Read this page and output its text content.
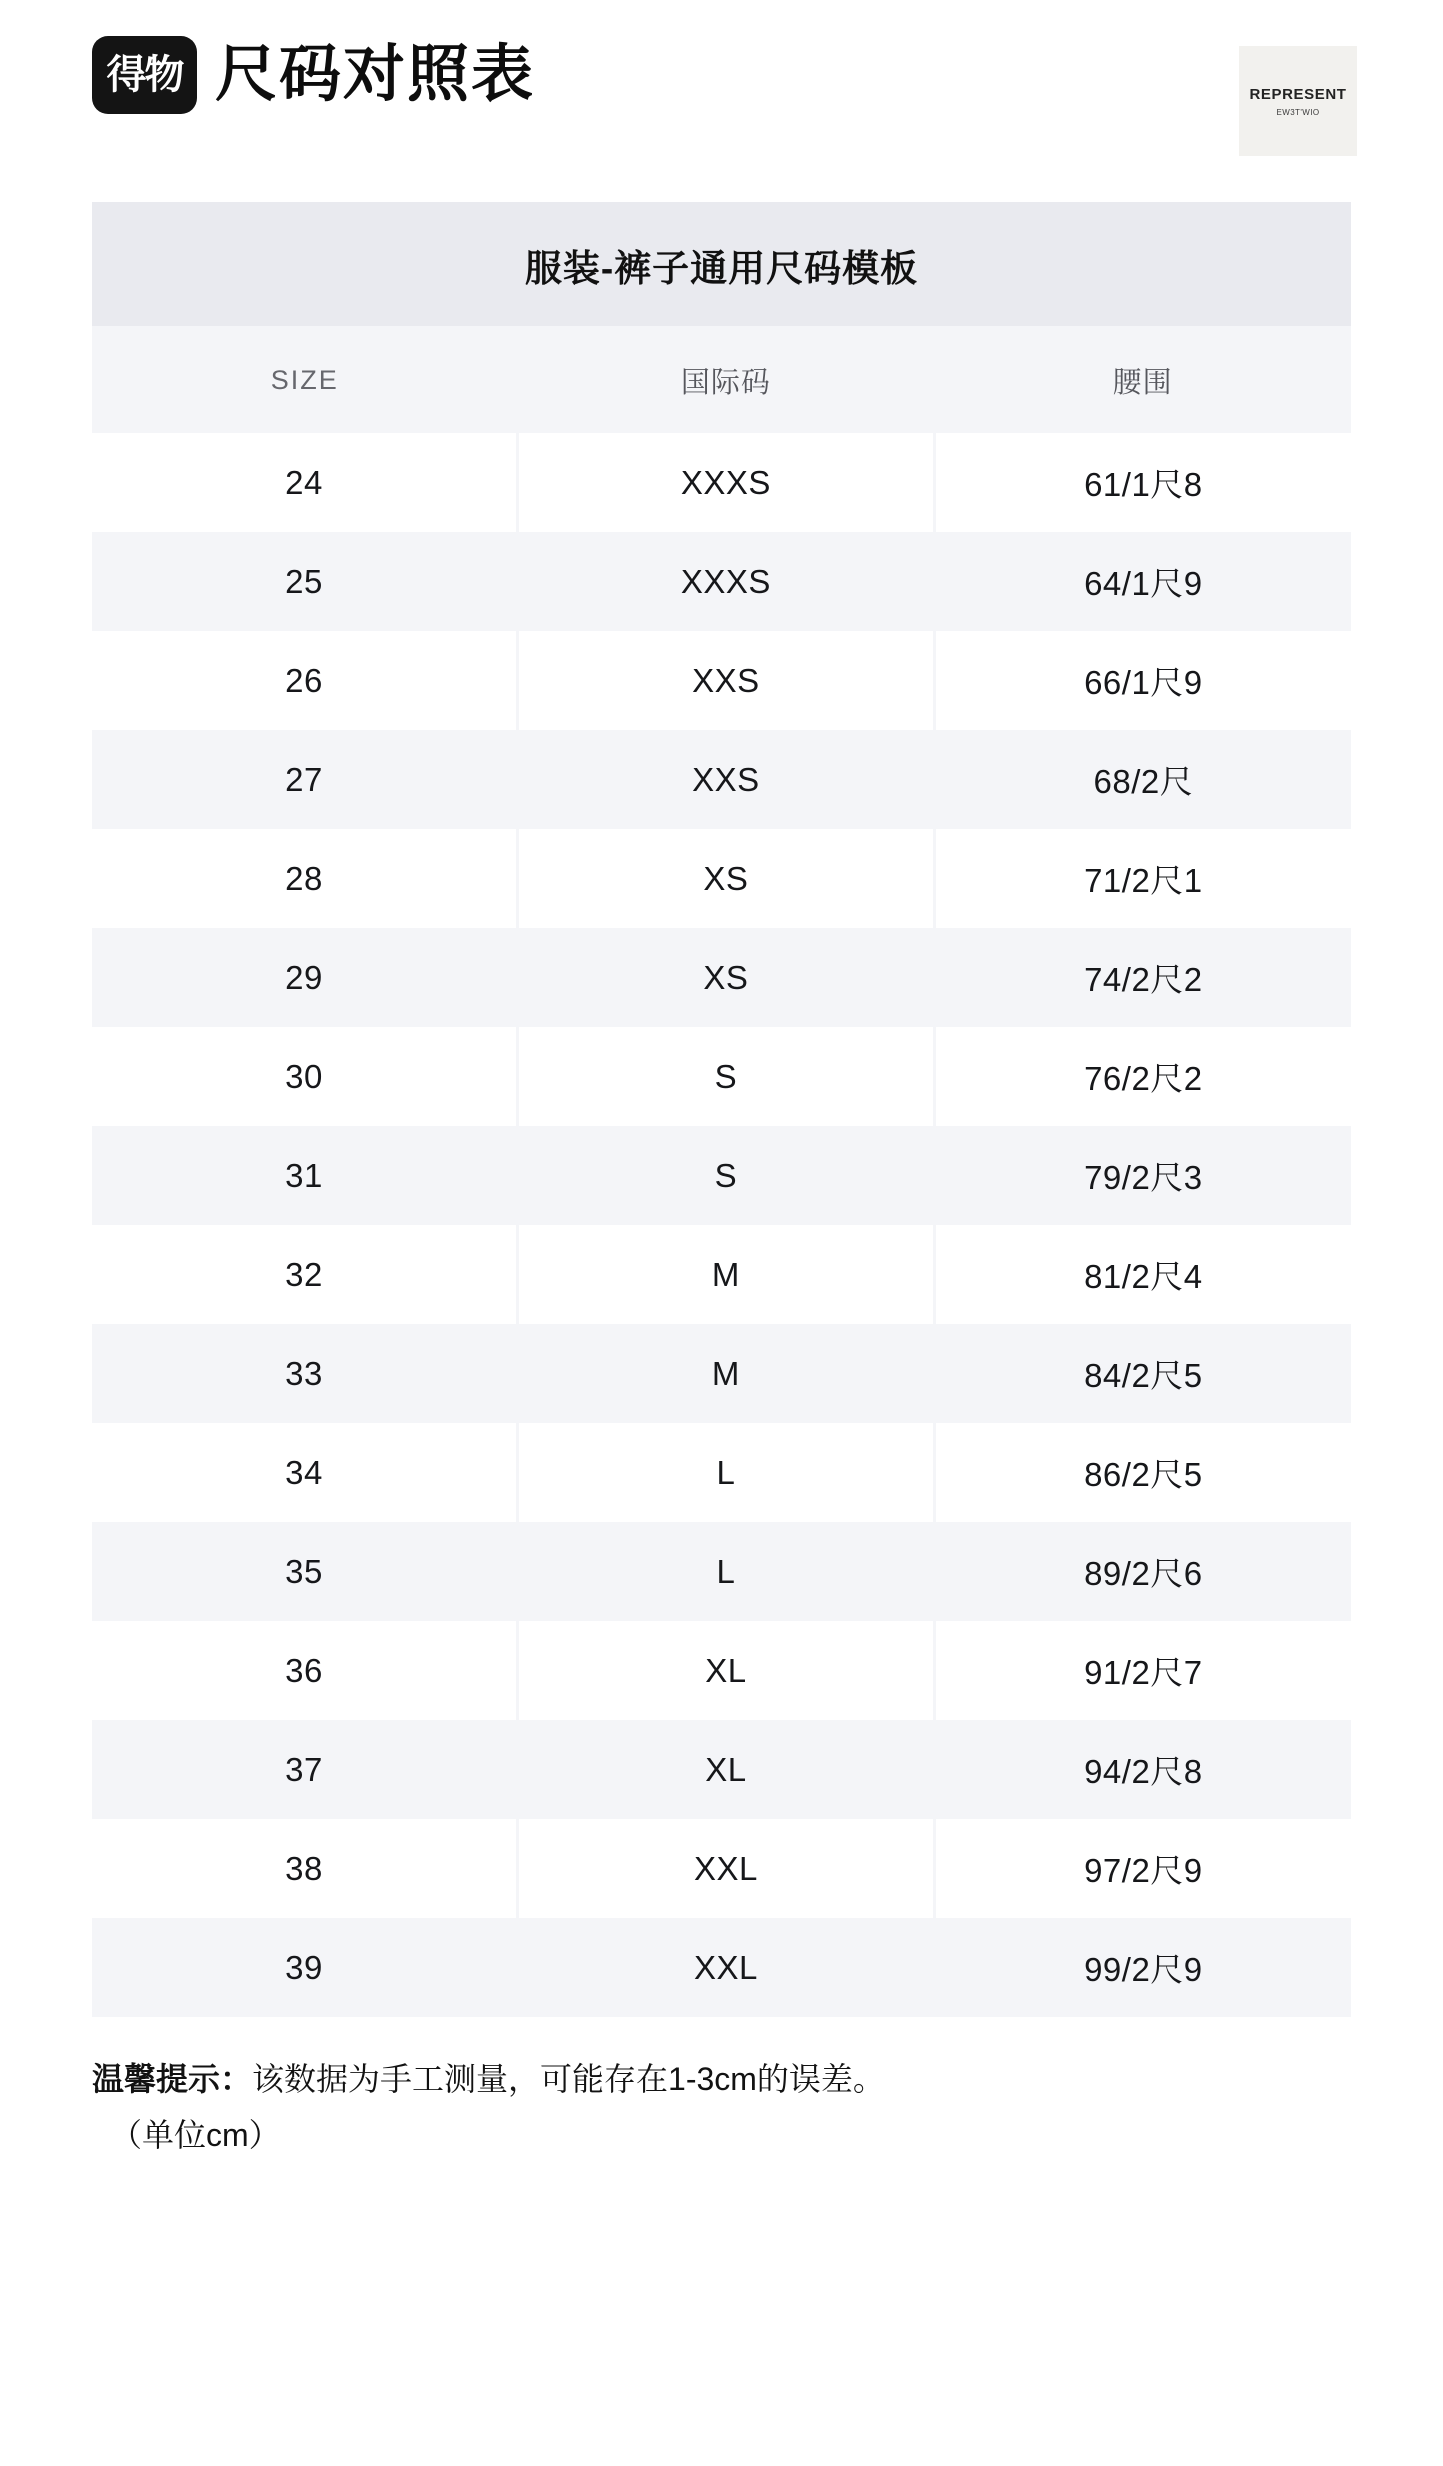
得物 尺码对照表	REPRESENT
EW3T'WIO
服装-裤子通用尺码模板
SIZE	国际码	腰围
24	XXXS	61/1尺8
25	XXXS	64/1尺9
26	XXS	66/1尺9
27	XXS	68/2尺
28	XS	71/2尺1
29	XS	74/2尺2
30	S	76/2尺2
31	S	79/2尺3
32	M	81/2尺4
33	M	84/2尺5
34	L	86/2尺5
35	L	89/2尺6
36	XL	91/2尺7
37	XL	94/2尺8
38	XXL	97/2尺9
39	XXL	99/2尺9
温馨提示：该数据为手工测量，可能存在1-3cm的误差。
（单位cm）
